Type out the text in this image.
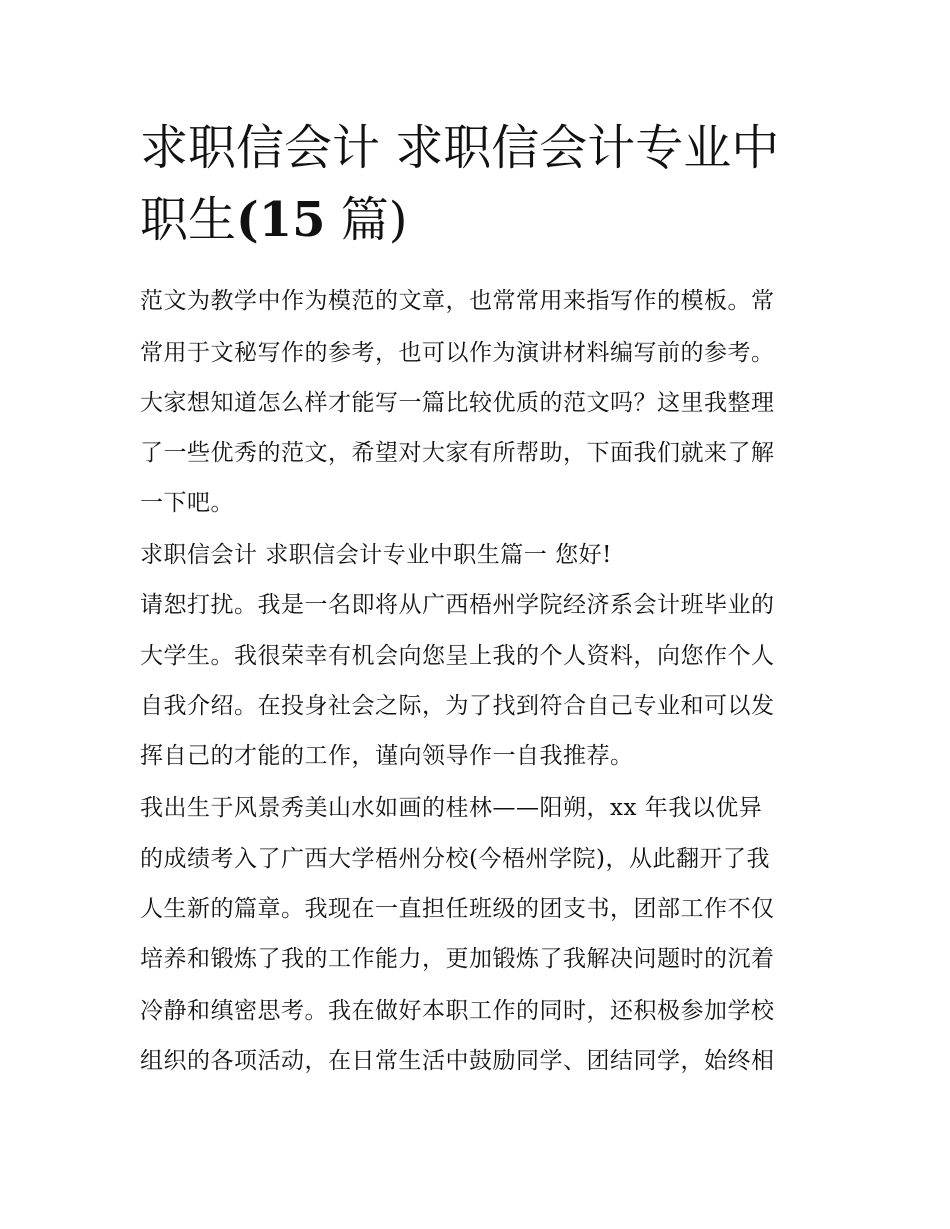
求职信会计 求职信会计专业中
职生(15 篇)
范文为教学中作为模范的文章，也常常用来指写作的模板。常
常用于文秘写作的参考，也可以作为演讲材料编写前的参考。
大家想知道怎么样才能写一篇比较优质的范文吗？这里我整理
了一些优秀的范文，希望对大家有所帮助，下面我们就来了解
一下吧。
求职信会计 求职信会计专业中职生篇一 您好!
请恕打扰。我是一名即将从广西梧州学院经济系会计班毕业的
大学生。我很荣幸有机会向您呈上我的个人资料，向您作个人
自我介绍。在投身社会之际，为了找到符合自己专业和可以发
挥自己的才能的工作，谨向领导作一自我推荐。
我出生于风景秀美山水如画的桂林——阳朔，xx 年我以优异
的成绩考入了广西大学梧州分校(今梧州学院)，从此翻开了我
人生新的篇章。我现在一直担任班级的团支书，团部工作不仅
培养和锻炼了我的工作能力，更加锻炼了我解决问题时的沉着
冷静和缜密思考。我在做好本职工作的同时，还积极参加学校
组织的各项活动，在日常生活中鼓励同学、团结同学，始终相
